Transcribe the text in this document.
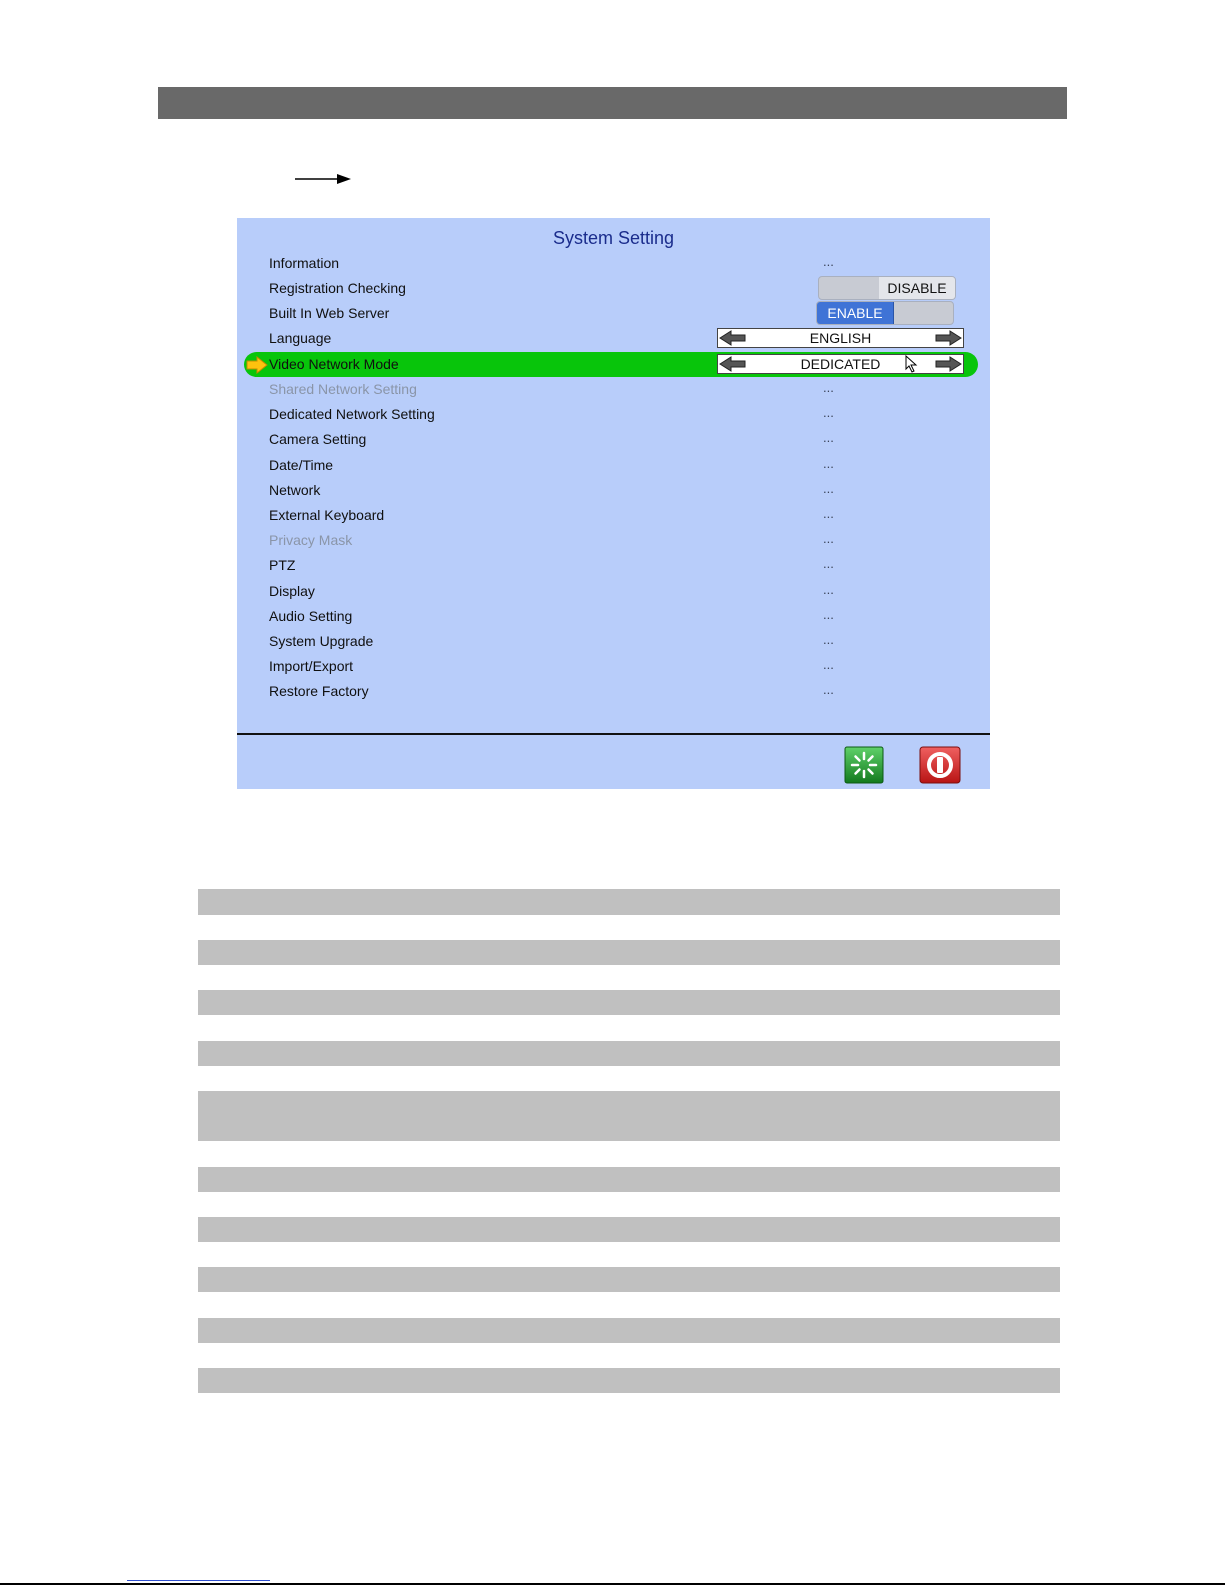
System Setting
Information	...
Registration Checking	DISABLE
Built In Web Server	ENABLE
Language	ENGLISH
Video Network Mode	DEDICATED
Shared Network Setting	...
Dedicated Network Setting	...
Camera Setting	...
Date/Time	...
Network	...
External Keyboard	...
Privacy Mask	...
PTZ	...
Display	...
Audio Setting	...
System Upgrade	...
Import/Export	...
Restore Factory	...
